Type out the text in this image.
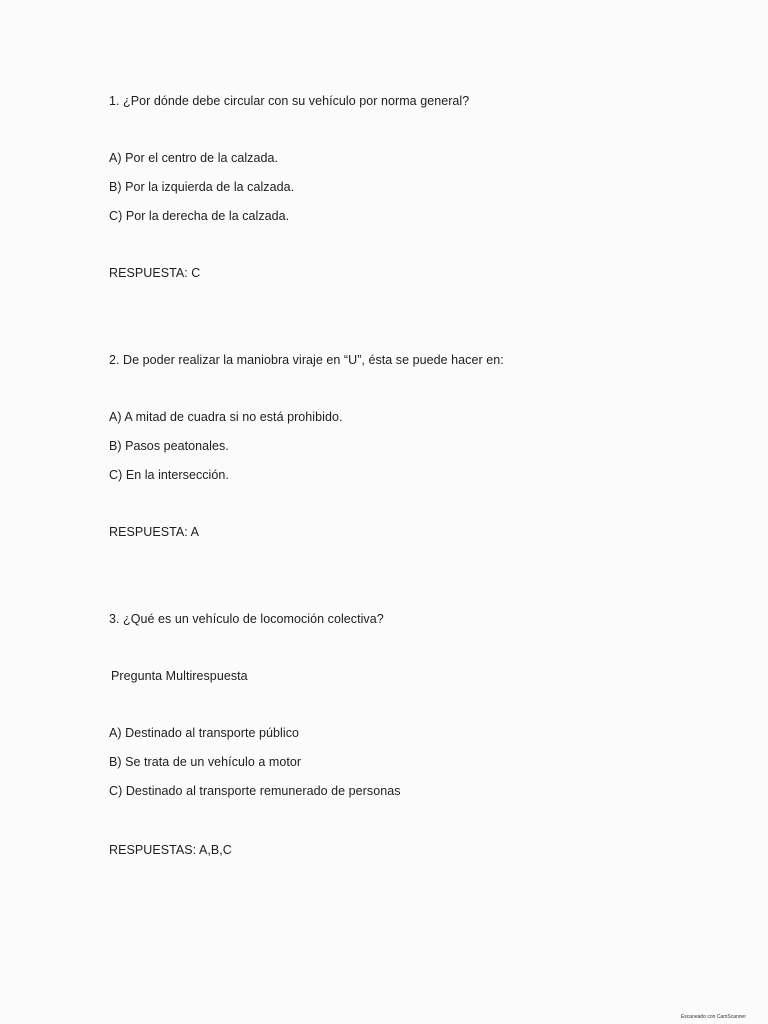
1. ¿Por dónde debe circular con su vehículo por norma general?
A) Por el centro de la calzada.
B) Por la izquierda de la calzada.
C) Por la derecha de la calzada.
RESPUESTA: C
2. De poder realizar la maniobra viraje en “U”, ésta se puede hacer en:
A) A mitad de cuadra si no está prohibido.
B) Pasos peatonales.
C) En la intersección.
RESPUESTA: A
3. ¿Qué es un vehículo de locomoción colectiva?
Pregunta Multirespuesta
A) Destinado al transporte público
B) Se trata de un vehículo a motor
C) Destinado al transporte remunerado de personas
RESPUESTAS: A,B,C
Escaneado con CamScanner
